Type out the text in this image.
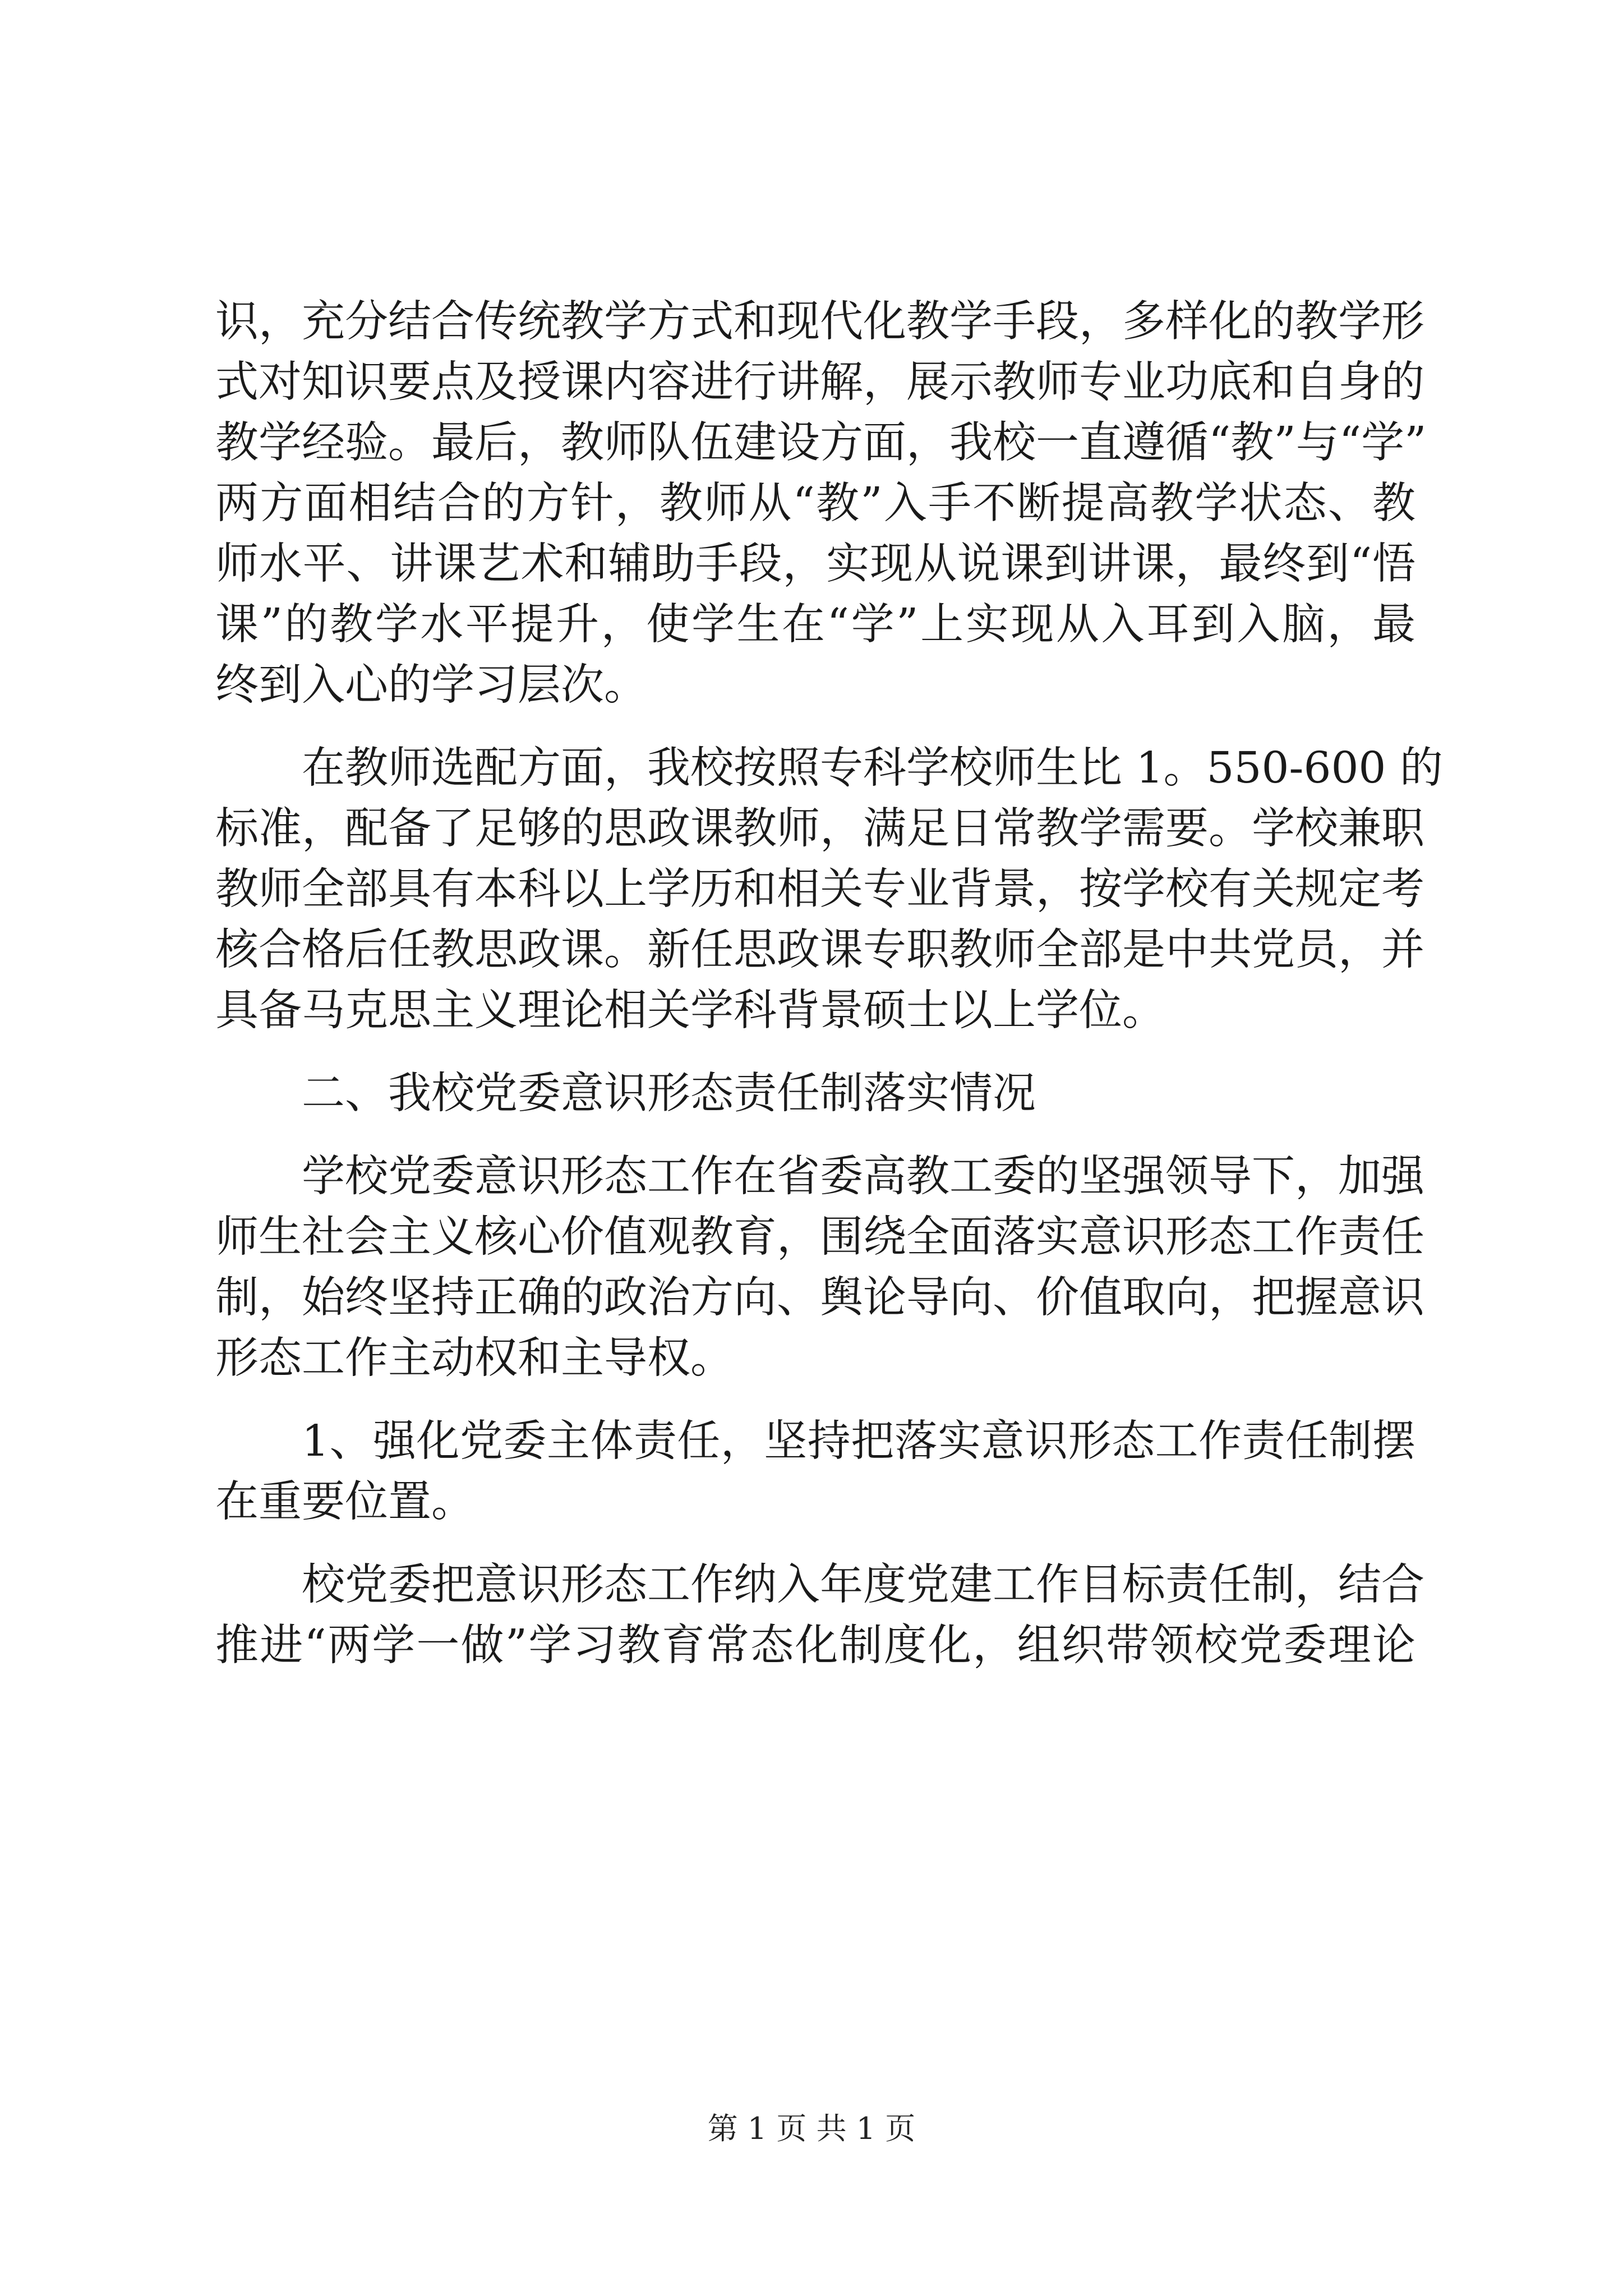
识，充分结合传统教学方式和现代化教学手段，多样化的教学形
式对知识要点及授课内容进行讲解，展示教师专业功底和自身的
教学经验。最后，教师队伍建设方面，我校一直遵循“教”与“学”
两方面相结合的方针，教师从“教”入手不断提高教学状态、教
师水平、讲课艺术和辅助手段，实现从说课到讲课，最终到“悟
课”的教学水平提升，使学生在“学”上实现从入耳到入脑，最
终到入心的学习层次。
在教师选配方面，我校按照专科学校师生比 1。550-600 的
标准，配备了足够的思政课教师，满足日常教学需要。学校兼职
教师全部具有本科以上学历和相关专业背景，按学校有关规定考
核合格后任教思政课。新任思政课专职教师全部是中共党员，并
具备马克思主义理论相关学科背景硕士以上学位。
二、我校党委意识形态责任制落实情况
学校党委意识形态工作在省委高教工委的坚强领导下，加强
师生社会主义核心价值观教育，围绕全面落实意识形态工作责任
制，始终坚持正确的政治方向、舆论导向、价值取向，把握意识
形态工作主动权和主导权。
1、强化党委主体责任，坚持把落实意识形态工作责任制摆
在重要位置。
校党委把意识形态工作纳入年度党建工作目标责任制，结合
推进“两学一做”学习教育常态化制度化，组织带领校党委理论
第 1 页 共 1 页
